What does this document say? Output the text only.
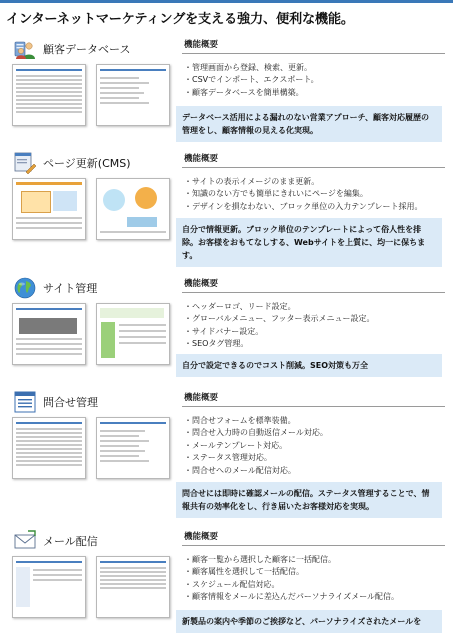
インターネットマーケティングを支える強力、便利な機能。
顧客データベース	機能概要
・管理画面から登録、検索、更新。
・CSVでインポート、エクスポート。
・顧客データベースを簡単構築。
データベース活用による漏れのない営業アプローチ、顧客対応履歴の管理をし、顧客情報の見える化実現。
ページ更新(CMS)	機能概要
・サイトの表示イメージのまま更新。
・知識のない方でも簡単にきれいにページを編集。
・デザインを損なわない、ブロック単位の入力テンプレート採用。
自分で情報更新。ブロック単位のテンプレートによって俗人性を排除。お客様をおもてなしする、Webサイトを上質に、均一に保ちます。
サイト管理	機能概要
・ヘッダーロゴ、リード設定。
・グローバルメニュー、フッター表示メニュー設定。
・サイドバナー設定。
・SEOタグ管理。
自分で設定できるのでコスト削減。SEO対策も万全
問合せ管理	機能概要
・問合せフォームを標準装備。
・問合せ入力時の自動返信メール対応。
・メールテンプレート対応。
・ステータス管理対応。
・問合せへのメール配信対応。
問合せには即時に確認メールの配信。ステータス管理することで、情報共有の効率化をし、行き届いたお客様対応を実現。
メール配信	機能概要
・顧客一覧から選択した顧客に一括配信。
・顧客属性を選択して一括配信。
・スケジュール配信対応。
・顧客情報をメールに差込んだパーソナライズメール配信。
新製品の案内や季節のご挨拶など、パーソナライズされたメールを
